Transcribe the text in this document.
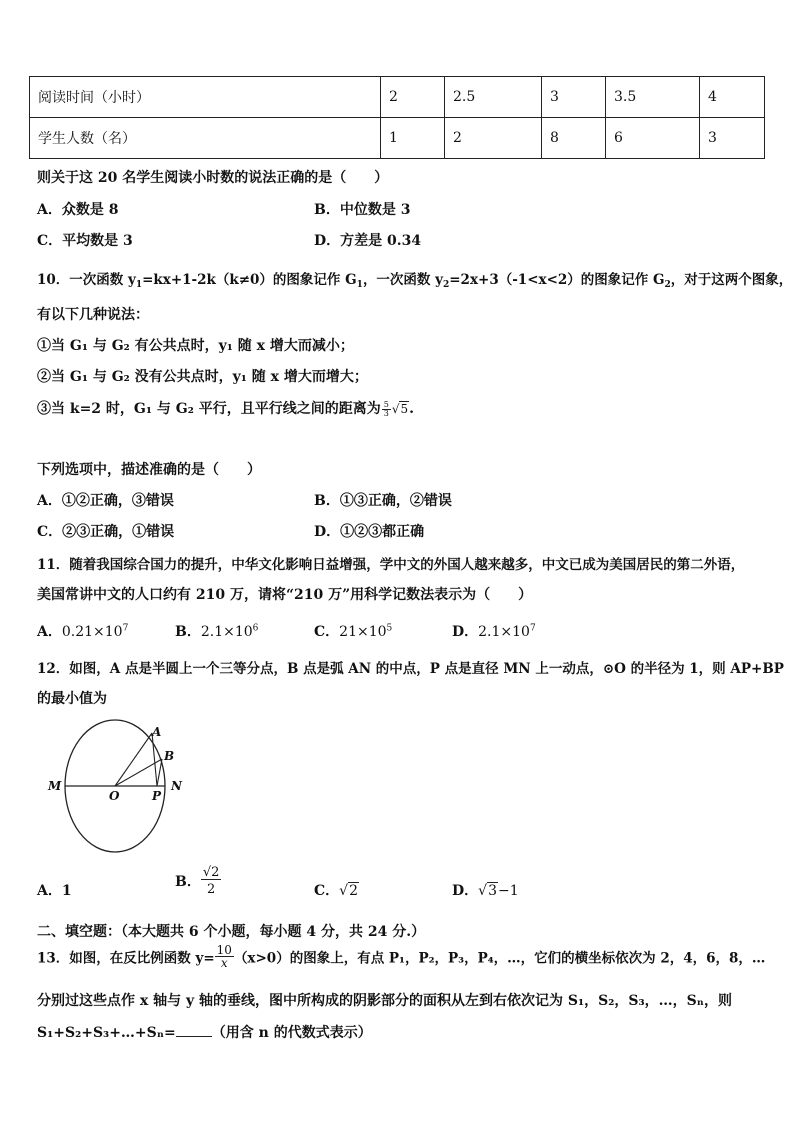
阅读时间（小时）	2	2.5	3	3.5	4
学生人数（名）	1	2	8	6	3
则关于这 20 名学生阅读小时数的说法正确的是（　　）
A．众数是 8	B．中位数是 3
C．平均数是 3	D．方差是 0.34
10．一次函数 $y_1=kx+1-2k(k\ne 0)$的图象记作 $G_1$，一次函数 $y_2=2x+3(-1<x<2)$的图象记作 $G_2$，对于这两个图象，
有以下几种说法：
①当 G₁ 与 G₂ 有公共点时，y₁ 随 x 增大而减小；
②当 G₁ 与 G₂ 没有公共点时，y₁ 随 x 增大而增大；
③当 k=2 时，G₁ 与 G₂ 平行，且平行线之间的距离为 $\frac{5}{3} √5$.
下列选项中，描述准确的是（　　）
A．①②正确，③错误	B．①③正确，②错误
C．②③正确，①错误	D．①②③都正确
11．随着我国综合国力的提升，中华文化影响日益增强，学中文的外国人越来越多，中文已成为美国居民的第二外语，
美国常讲中文的人口约有 210 万，请将“210 万”用科学记数法表示为（　　）
A．$0.21\times 10^7$	B．$2.1\times 10^6$	C．$21\times 10^5$	D．$2.1\times 10^7$
12．如图，A 点是半圆上一个三等分点，B 点是弧 AN 的中点，P 点是直径 MN 上一动点，⊙O 的半径为 1，则 AP+BP
的最小值为
A
B
M
O	P
N
A．1
B． $\frac{√2}{2}$	C．√2	D．√3−1
二、填空题：（本大题共 6 个小题，每小题 4 分，共 24 分.）
13．如图，在反比例函数 $y= \frac{10}{x} (x>0)$的图象上，有点 P₁，P₂，P₃，P₄，…，它们的横坐标依次为 2，4，6，8，…
分别过这些点作 x 轴与 y 轴的垂线，图中所构成的阴影部分的面积从左到右依次记为 S₁，S₂，S₃，…，Sₙ，则
S₁+S₂+S₃+…+Sₙ=	（用含 n 的代数式表示）
